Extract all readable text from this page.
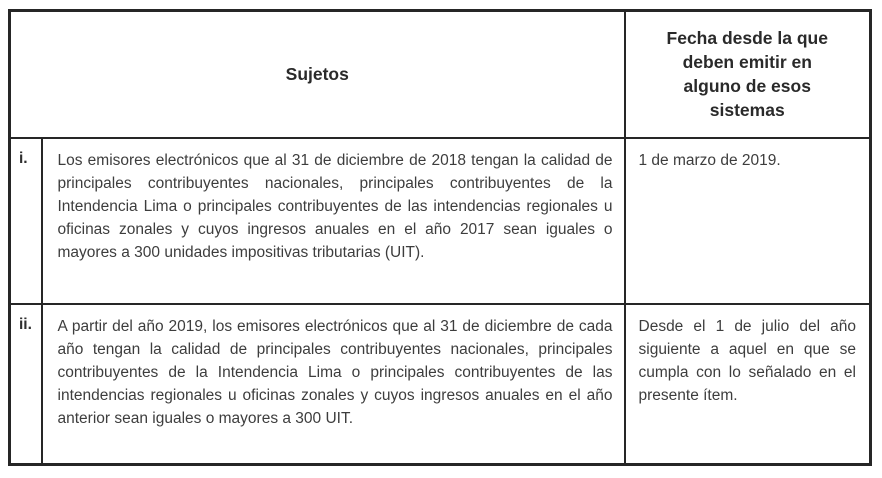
Sujetos		Fecha desde la que deben emitir en alguno de esos sistemas

i.	Los emisores electrónicos que al 31 de diciembre de 2018 tengan la calidad de principales contribuyentes nacionales, principales contribuyentes de la Intendencia Lima o principales contribuyentes de las intendencias regionales u oficinas zonales y cuyos ingresos anuales en el año 2017 sean iguales o mayores a 300 unidades impositivas tributarias (UIT).	1 de marzo de 2019.
ii.	A partir del año 2019, los emisores electrónicos que al 31 de diciembre de cada año tengan la calidad de principales contribuyentes nacionales, principales contribuyentes de la Intendencia Lima o principales contribuyentes de las intendencias regionales u oficinas zonales y cuyos ingresos anuales en el año anterior sean iguales o mayores a 300 UIT.	Desde el 1 de julio del año siguiente a aquel en que se cumpla con lo señalado en el presente ítem.
